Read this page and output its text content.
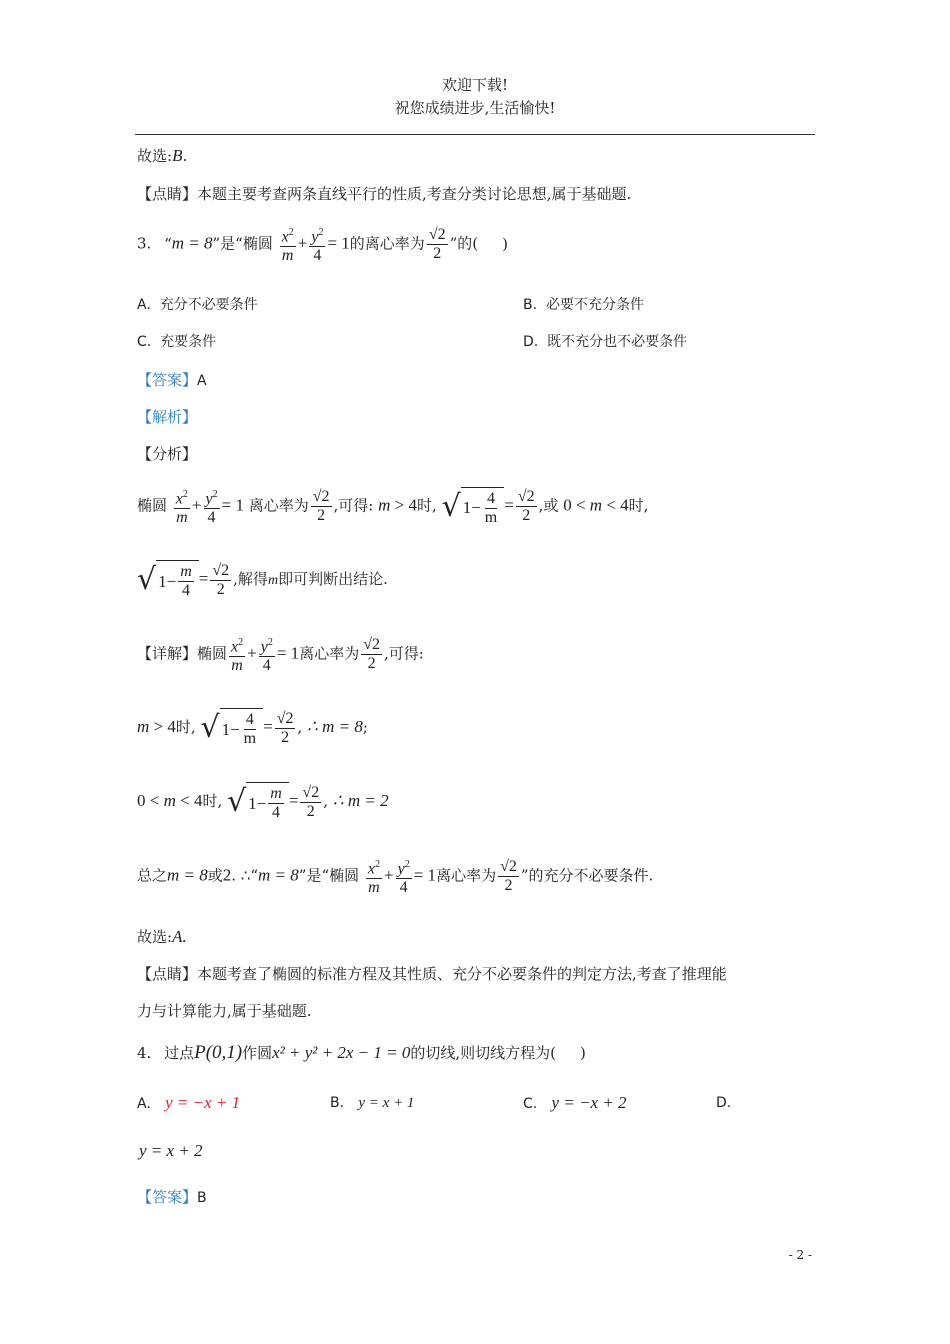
欢迎下载!
祝您成绩进步,生活愉快!
故选:B.
【点睛】本题主要考查两条直线平行的性质,考查分类讨论思想,属于基础题.
3. “m = 8”是“椭圆 $\frac{x^2}{m} + \frac{y^2}{4} = 1$的离心率为 $\frac{√2}{2}$ ”的( )
A. 充分不必要条件	B. 必要不充分条件
C. 充要条件	D. 既不充分也不必要条件
【答案】A
【解析】
【分析】
椭圆 $\frac{x^2}{m} + \frac{y^2}{4} = 1$ 离心率为 $\frac{√2}{2}$ ,可得: m > 4时, √ $1- \frac{4}{m} = \frac{√2}{2}$ ,或 0 < m < 4时,
√ $1- \frac{m}{4} = \frac{√2}{2}$ ,解得m即可判断出结论.
【详解】椭圆 $\frac{x^2}{m} + \frac{y^2}{4} = 1$离心率为 $\frac{√2}{2}$ ,可得:
m > 4时, √ $1- \frac{4}{m} = \frac{√2}{2}$ , ∴ m = 8;
0 < m < 4时, √ $1- \frac{m}{4} = \frac{√2}{2}$ , ∴ m = 2
总之m = 8或2. ∴“m = 8”是“椭圆 $\frac{x^2}{m} + \frac{y^2}{4} = 1$离心率为 $\frac{√2}{2}$ ”的充分不必要条件.
故选:A.
【点睛】本题考查了椭圆的标准方程及其性质、充分不必要条件的判定方法,考查了推理能
力与计算能力,属于基础题.
4. 过点P(0,1)作圆x² + y² + 2x − 1 = 0的切线,则切线方程为( )
A. y = −x + 1	B. y = x + 1	C. y = −x + 2	D.
y = x + 2
【答案】B
- 2 -
